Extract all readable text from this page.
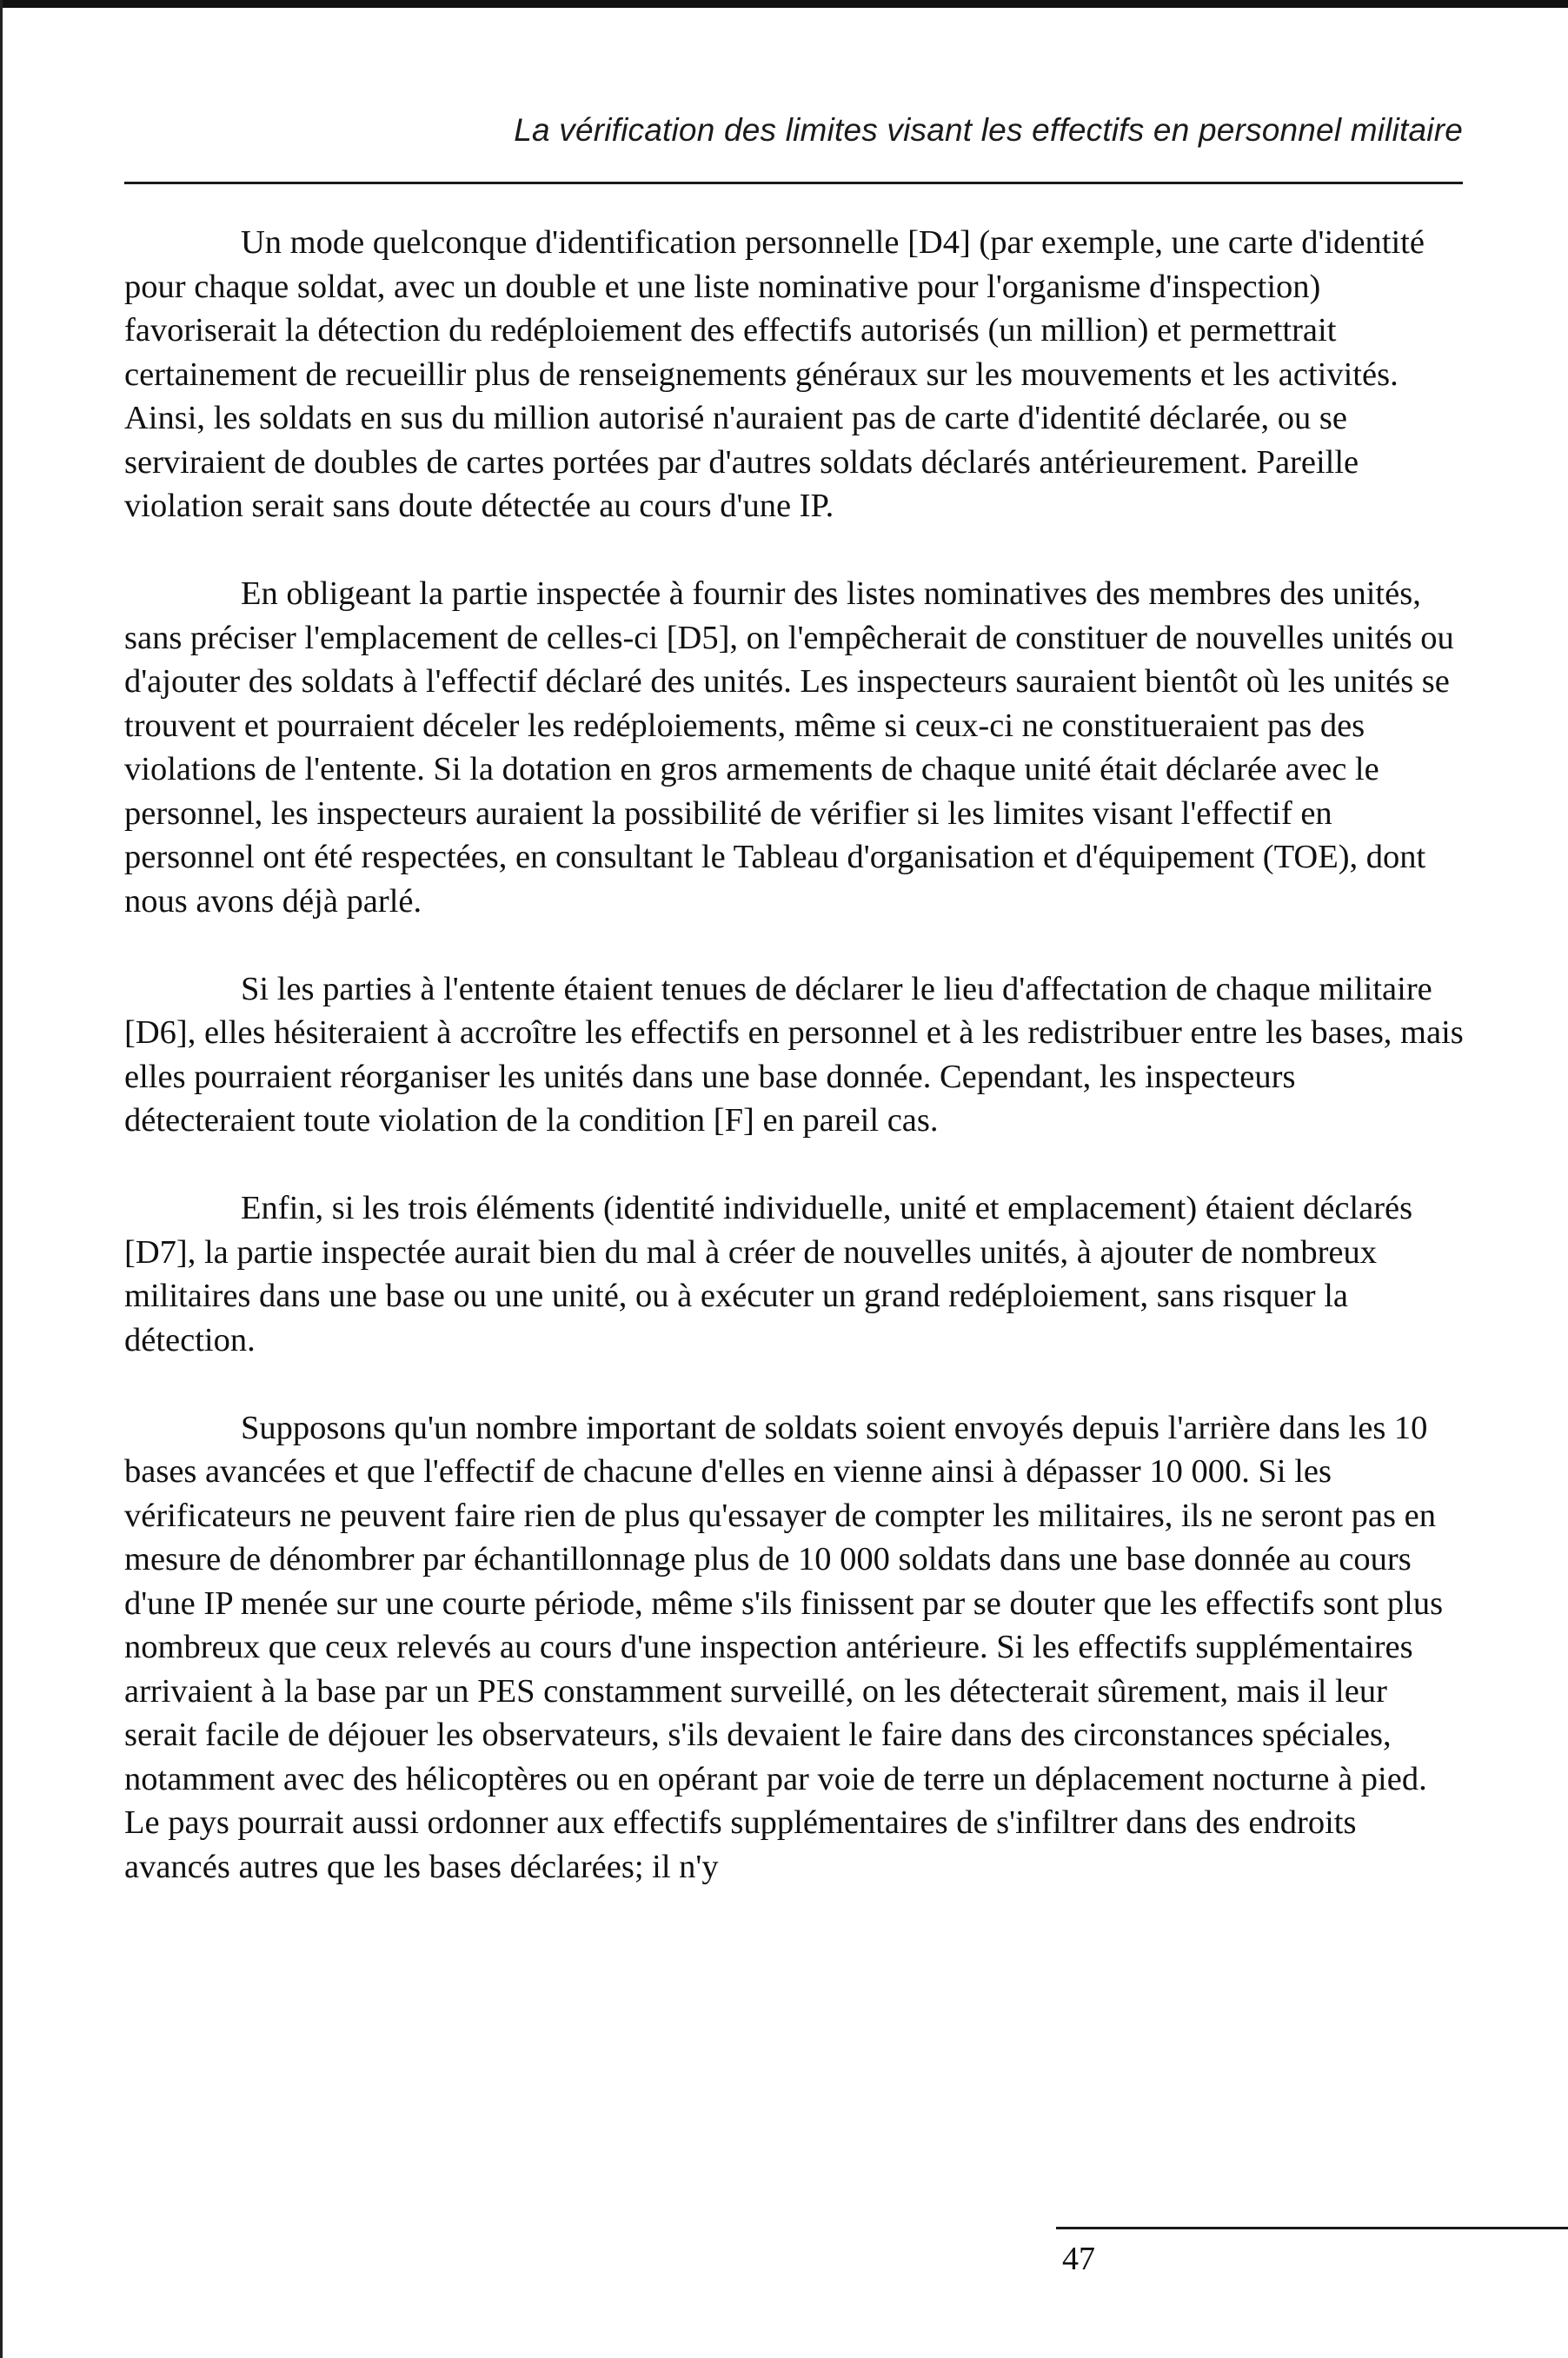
La vérification des limites visant les effectifs en personnel militaire

Un mode quelconque d'identification personnelle [D4] (par exemple, une carte d'identité pour chaque soldat, avec un double et une liste nominative pour l'organisme d'inspection) favoriserait la détection du redéploiement des effectifs autorisés (un million) et permettrait certainement de recueillir plus de renseignements généraux sur les mouvements et les activités. Ainsi, les soldats en sus du million autorisé n'auraient pas de carte d'identité déclarée, ou se serviraient de doubles de cartes portées par d'autres soldats déclarés antérieurement. Pareille violation serait sans doute détectée au cours d'une IP.

En obligeant la partie inspectée à fournir des listes nominatives des membres des unités, sans préciser l'emplacement de celles-ci [D5], on l'empêcherait de constituer de nouvelles unités ou d'ajouter des soldats à l'effectif déclaré des unités. Les inspecteurs sauraient bientôt où les unités se trouvent et pourraient déceler les redéploiements, même si ceux-ci ne constitueraient pas des violations de l'entente. Si la dotation en gros armements de chaque unité était déclarée avec le personnel, les inspecteurs auraient la possibilité de vérifier si les limites visant l'effectif en personnel ont été respectées, en consultant le Tableau d'organisation et d'équipement (TOE), dont nous avons déjà parlé.

Si les parties à l'entente étaient tenues de déclarer le lieu d'affectation de chaque militaire [D6], elles hésiteraient à accroître les effectifs en personnel et à les redistribuer entre les bases, mais elles pourraient réorganiser les unités dans une base donnée. Cependant, les inspecteurs détecteraient toute violation de la condition [F] en pareil cas.

Enfin, si les trois éléments (identité individuelle, unité et emplacement) étaient déclarés [D7], la partie inspectée aurait bien du mal à créer de nouvelles unités, à ajouter de nombreux militaires dans une base ou une unité, ou à exécuter un grand redéploiement, sans risquer la détection.

Supposons qu'un nombre important de soldats soient envoyés depuis l'arrière dans les 10 bases avancées et que l'effectif de chacune d'elles en vienne ainsi à dépasser 10 000. Si les vérificateurs ne peuvent faire rien de plus qu'essayer de compter les militaires, ils ne seront pas en mesure de dénombrer par échantillonnage plus de 10 000 soldats dans une base donnée au cours d'une IP menée sur une courte période, même s'ils finissent par se douter que les effectifs sont plus nombreux que ceux relevés au cours d'une inspection antérieure. Si les effectifs supplémentaires arrivaient à la base par un PES constamment surveillé, on les détecterait sûrement, mais il leur serait facile de déjouer les observateurs, s'ils devaient le faire dans des circonstances spéciales, notamment avec des hélicoptères ou en opérant par voie de terre un déplacement nocturne à pied. Le pays pourrait aussi ordonner aux effectifs supplémentaires de s'infiltrer dans des endroits avancés autres que les bases déclarées; il n'y

47
